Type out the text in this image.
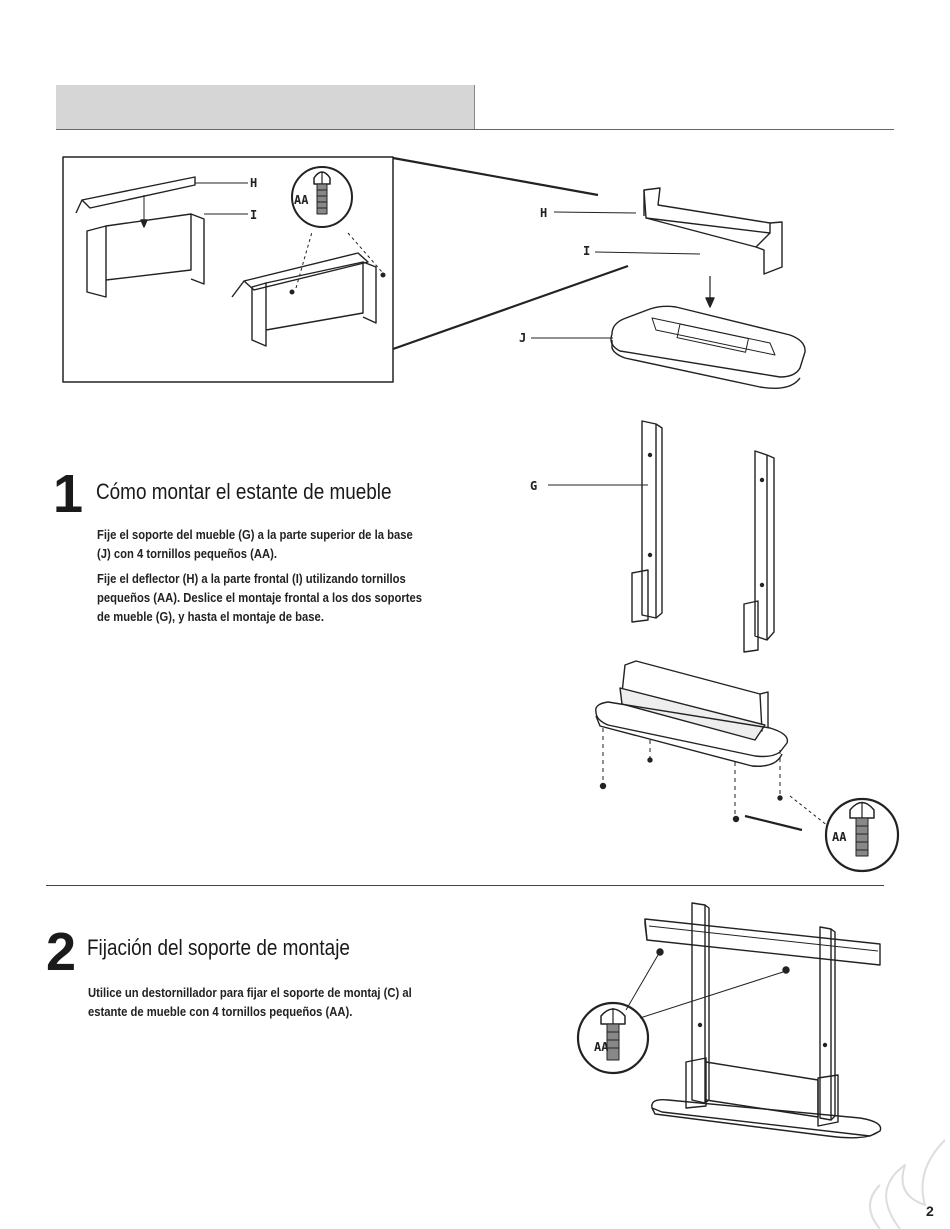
H
I
AA
H
I
J
G
AA
AA
1 Cómo montar el estante de mueble

Fije el soporte del mueble (G) a la parte superior de la base (J) con 4 tornillos pequeños (AA).

Fije el deflector (H) a la parte frontal (I) utilizando tornillos pequeños (AA). Deslice el montaje frontal a los dos soportes de mueble (G), y hasta el montaje de base.

2 Fijación del soporte de montaje

Utilice un destornillador para fijar el soporte de montaj (C) al estante de mueble con 4 tornillos pequeños (AA).

2
